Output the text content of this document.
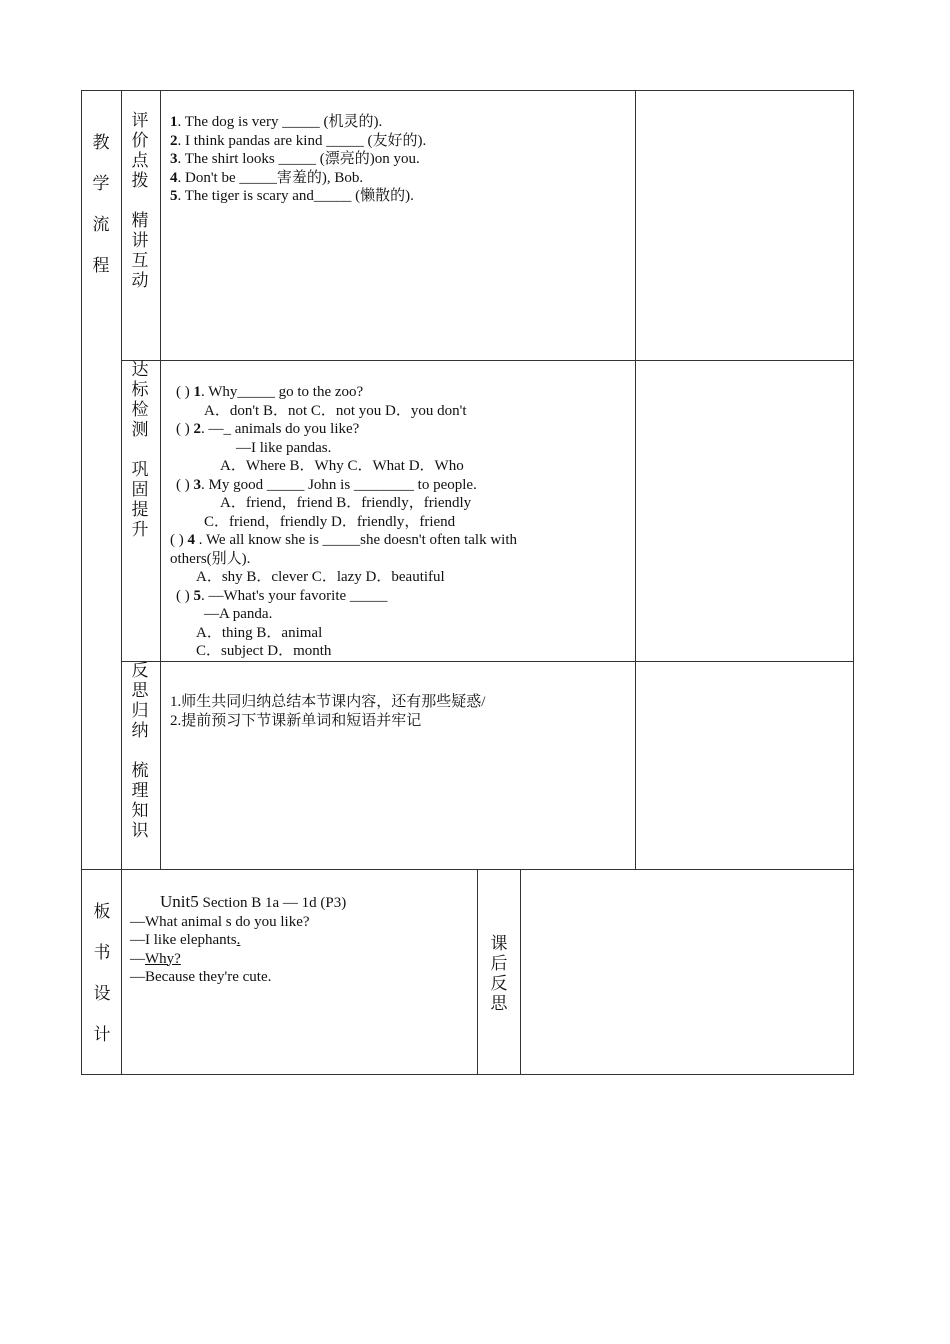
教
学
流
程
评
价
点
拨
精
讲
互
动
1. The dog is very _____ (机灵的).
2. I think pandas are kind _____ (友好的).
3. The shirt looks _____ (漂亮的)on you.
4. Don't be _____害羞的), Bob.
5. The tiger is scary and_____ (懒散的).
达
标
检
测
巩
固
提
升
( ) 1. Why_____ go to the zoo?
A．don't B．not C．not you D．you don't
( ) 2. —_ animals do you like?
—I like pandas.
A．Where B．Why C．What D．Who
( ) 3. My good _____ John is ________ to people.
A．friend，friend B．friendly，friendly
C．friend，friendly D．friendly，friend
( ) 4 . We all know she is _____she doesn't often talk with
others(别人).
A．shy B．clever C．lazy D．beautiful
( ) 5. —What's your favorite _____
—A panda.
A．thing B．animal
C．subject D．month
反
思
归
纳
梳
理
知
识
1.师生共同归纳总结本节课内容，还有那些疑惑/
2.提前预习下节课新单词和短语并牢记
板
书
设
计
Unit5 Section B 1a — 1d (P3)
—What animal s do you like?
—I like elephants.
—Why?
—Because they're cute.
课
后
反
思
